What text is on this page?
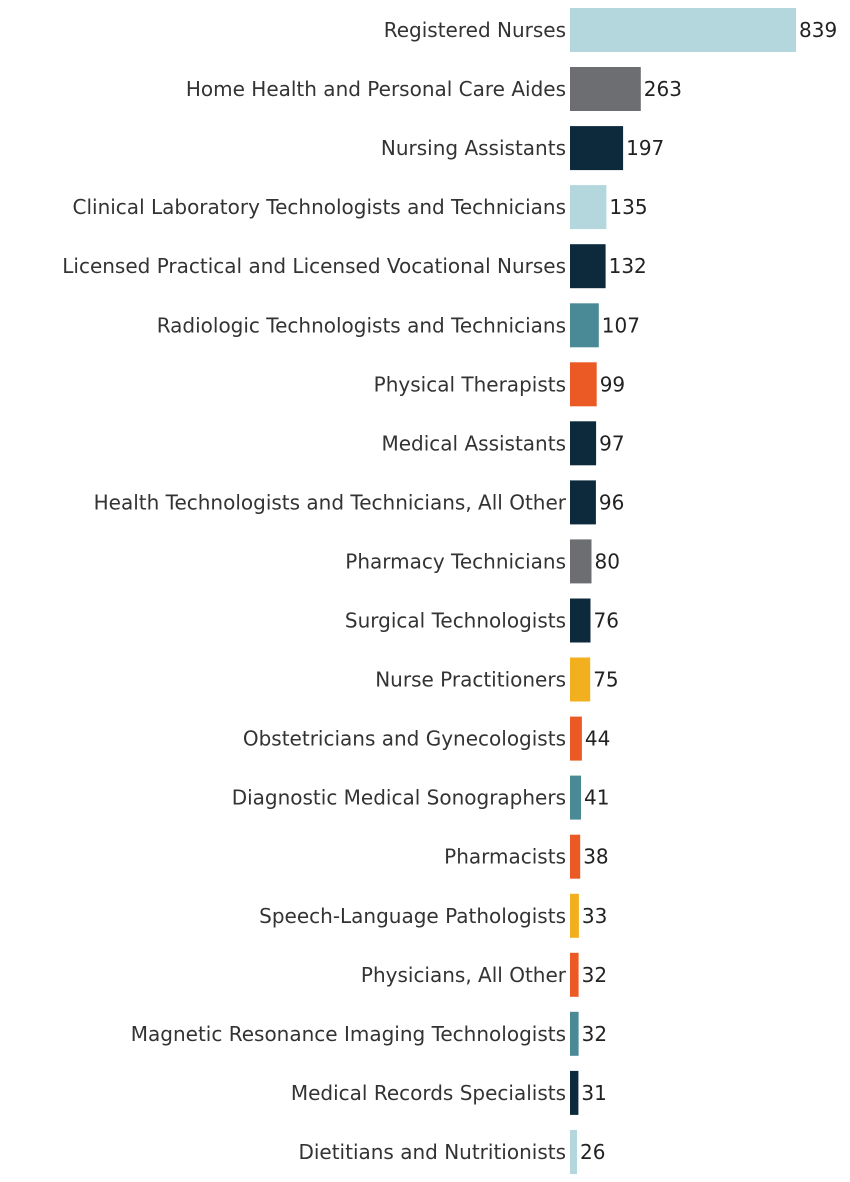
Registered Nurses	839
Home Health and Personal Care Aides	263
Nursing Assistants	197
Clinical Laboratory Technologists and Technicians 135
Licensed Practical and Licensed Vocational Nurses 132
Radiologic Technologists and Technicians 107
Physical Therapists 99
Medical Assistants 97
Health Technologists and Technicians, All Other 96
Pharmacy Technicians 80
Surgical Technologists 76
Nurse Practitioners 75
Obstetricians and Gynecologists 44
Diagnostic Medical Sonographers 41
Pharmacists 38
Speech-Language Pathologists 33
Physicians, All Other 32
Magnetic Resonance Imaging Technologists 32
Medical Records Specialists 31
Dietitians and Nutritionists 26
